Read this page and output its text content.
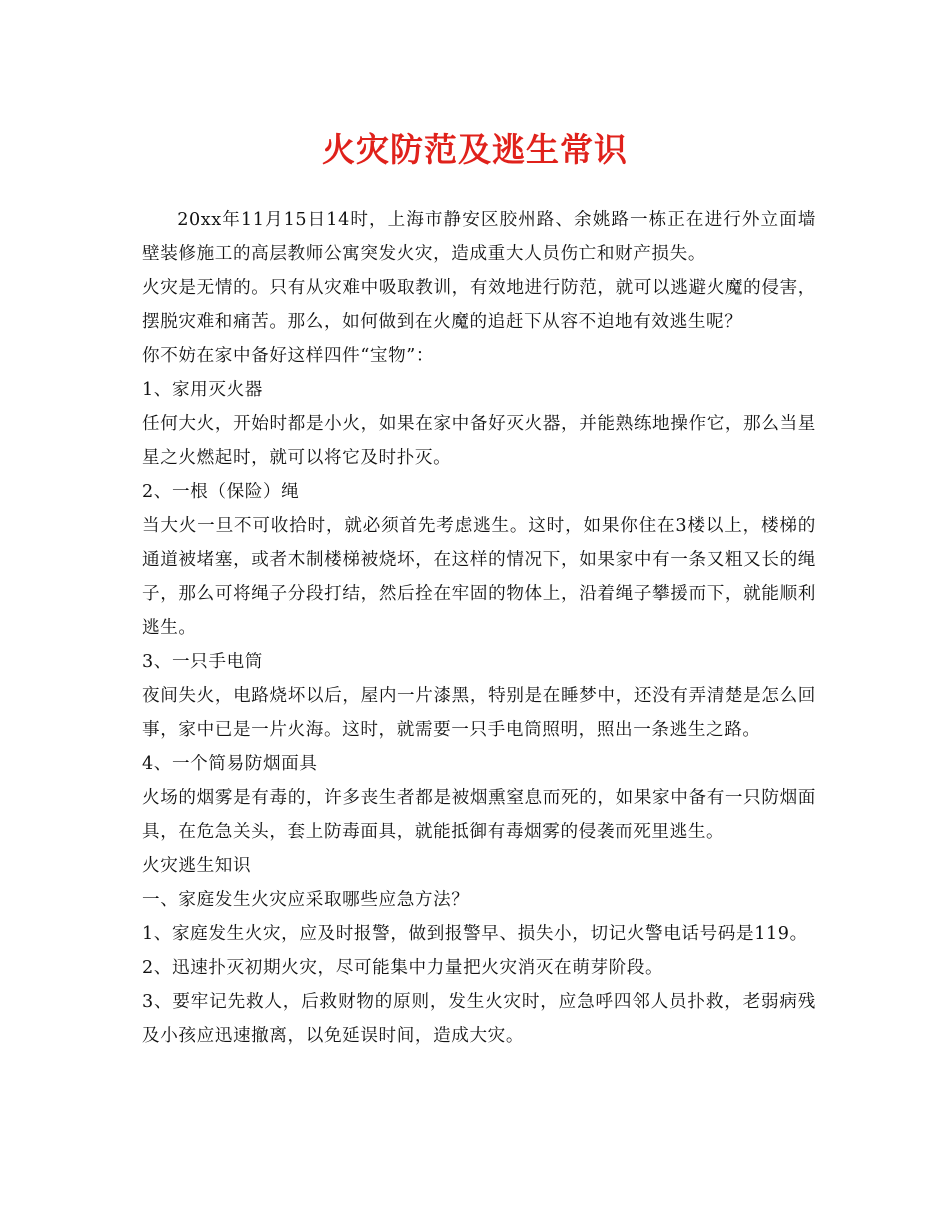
火灾防范及逃生常识

20xx年11月15日14时，上海市静安区胶州路、余姚路一栋正在进行外立面墙壁装修施工的高层教师公寓突发火灾，造成重大人员伤亡和财产损失。

火灾是无情的。只有从灾难中吸取教训，有效地进行防范，就可以逃避火魔的侵害，摆脱灾难和痛苦。那么，如何做到在火魔的追赶下从容不迫地有效逃生呢？

你不妨在家中备好这样四件“宝物”：

1、家用灭火器

任何大火，开始时都是小火，如果在家中备好灭火器，并能熟练地操作它，那么当星星之火燃起时，就可以将它及时扑灭。

2、一根（保险）绳

当大火一旦不可收拾时，就必须首先考虑逃生。这时，如果你住在3楼以上，楼梯的通道被堵塞，或者木制楼梯被烧坏，在这样的情况下，如果家中有一条又粗又长的绳子，那么可将绳子分段打结，然后拴在牢固的物体上，沿着绳子攀援而下，就能顺利逃生。

3、一只手电筒

夜间失火，电路烧坏以后，屋内一片漆黑，特别是在睡梦中，还没有弄清楚是怎么回事，家中已是一片火海。这时，就需要一只手电筒照明，照出一条逃生之路。

4、一个简易防烟面具

火场的烟雾是有毒的，许多丧生者都是被烟熏窒息而死的，如果家中备有一只防烟面具，在危急关头，套上防毒面具，就能抵御有毒烟雾的侵袭而死里逃生。

火灾逃生知识

一、家庭发生火灾应采取哪些应急方法？

1、家庭发生火灾，应及时报警，做到报警早、损失小，切记火警电话号码是119。

2、迅速扑灭初期火灾，尽可能集中力量把火灾消灭在萌芽阶段。

3、要牢记先救人，后救财物的原则，发生火灾时，应急呼四邻人员扑救，老弱病残及小孩应迅速撤离，以免延误时间，造成大灾。
